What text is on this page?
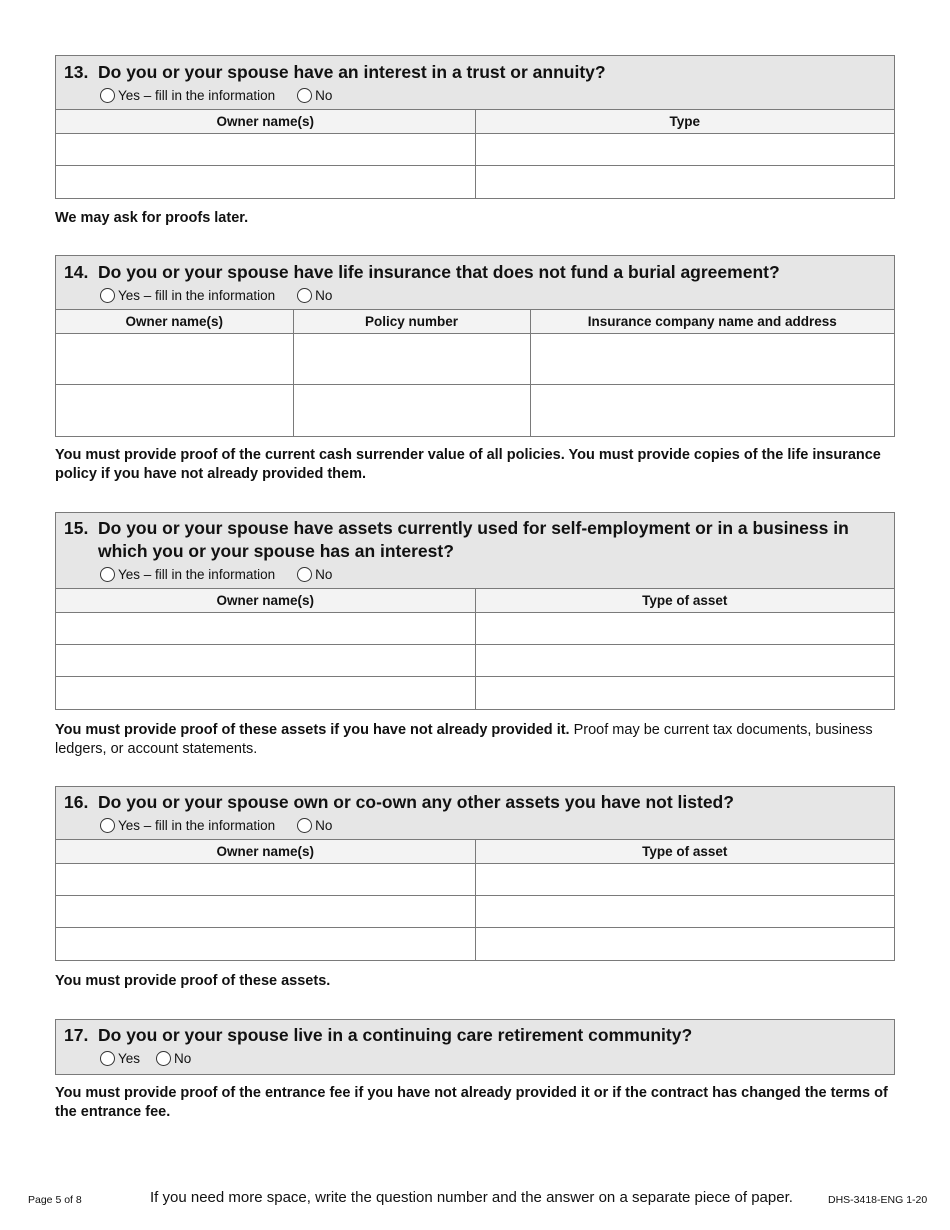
13. Do you or your spouse have an interest in a trust or annuity?
Yes – fill in the information	No
Owner name(s)	Type

We may ask for proofs later.
14. Do you or your spouse have life insurance that does not fund a burial agreement?
Yes – fill in the information	No
Owner name(s)	Policy number	Insurance company name and address

You must provide proof of the current cash surrender value of all policies. You must provide copies of the life insurance policy if you have not already provided them.
15. Do you or your spouse have assets currently used for self-employment or in a business in which you or your spouse has an interest?
Yes – fill in the information	No
Owner name(s)	Type of asset

You must provide proof of these assets if you have not already provided it. Proof may be current tax documents, business ledgers, or account statements.
16. Do you or your spouse own or co-own any other assets you have not listed?
Yes – fill in the information	No
Owner name(s)	Type of asset

You must provide proof of these assets.
17. Do you or your spouse live in a continuing care retirement community?
Yes	No
You must provide proof of the entrance fee if you have not already provided it or if the contract has changed the terms of the entrance fee.
Page 5 of 8	If you need more space, write the question number and the answer on a separate piece of paper.	DHS-3418-ENG 1-20
